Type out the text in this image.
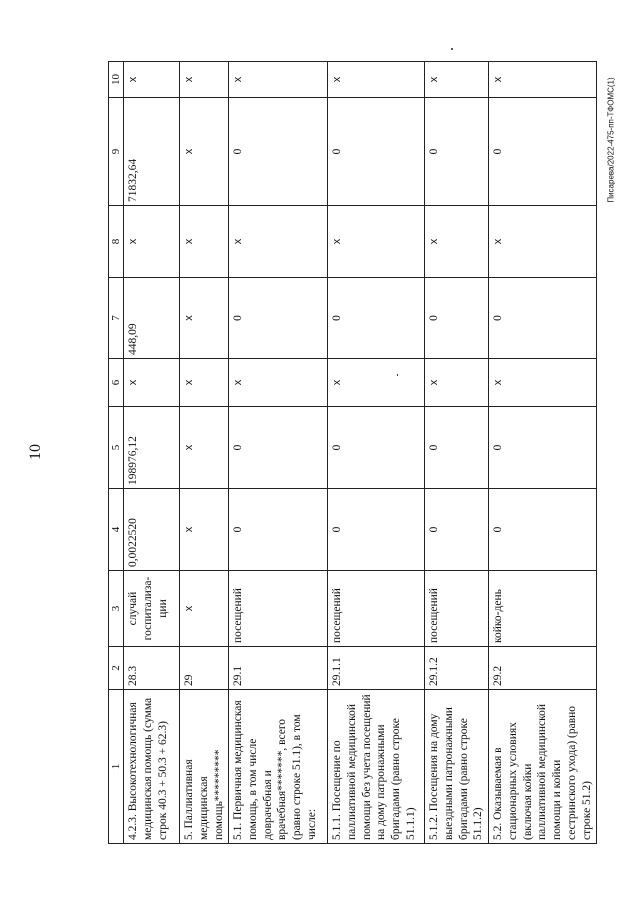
10
Писарева/2022-475-пп-ТФОМС(1)
1	2	3	4	5	6	7	8	9	10
4.2.3. Высокотехнологичная медицинская помощь (сумма строк 40.3 + 50.3 + 62.3)	28.3	случай госпитализа-ции	0,0022520	198976,12	х	448,09	х	71832,64	х
5. Паллиативная медицинская помощь*********	29	х	х	х	х	х	х	х	х
5.1. Первичная медицинская помощь, в том числе доврачебная и врачебная*******, всего (равно строке 51.1), в том числе:	29.1	посещений	0	0	х	0	х	0	х
5.1.1. Посещение по паллиативной медицинской помощи без учета посещений на дому патронажными бригадами (равно строке 51.1.1)	29.1.1	посещений	0	0	х	0	х	0	х
5.1.2. Посещения на дому выездными патронажными бригадами (равно строке 51.1.2)	29.1.2	посещений	0	0	х	0	х	0	х
5.2. Оказываемая в стационарных условиях (включая койки паллиативной медицинской помощи и койки сестринского ухода) (равно строке 51.2)	29.2	койко-день	0	0	х	0	х	0	х
